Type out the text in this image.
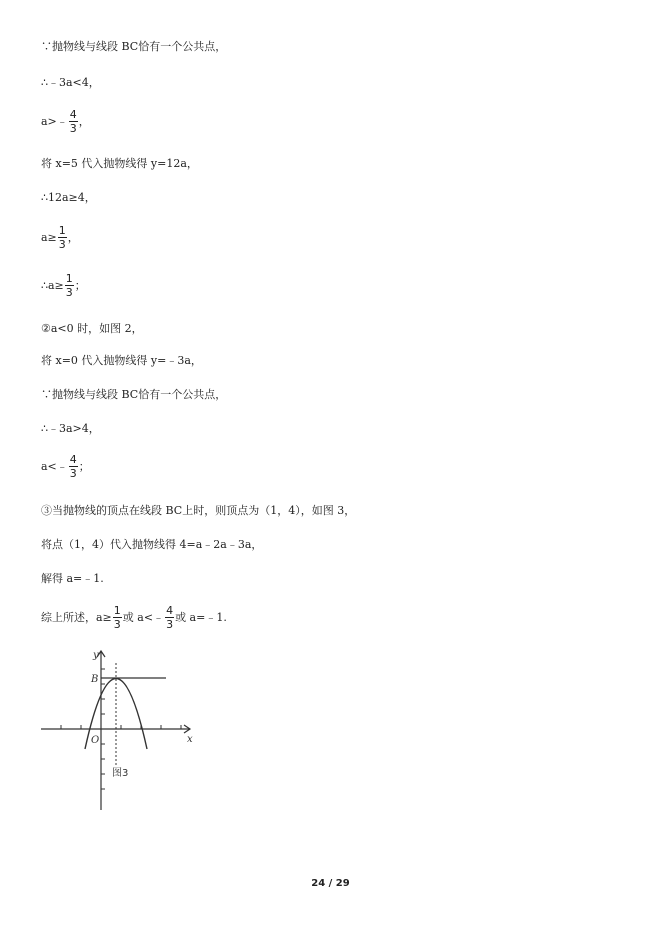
∵抛物线与线段 BC恰有一个公共点，
∴﹣3a<4，
a>﹣ $\frac{4}{3}$ ，
将 x=5 代入抛物线得 y=12a，
∴12a≥4，
$a\ge \frac{1}{3}$ ，
∴a≥ $\frac{1}{3}$ ；
②a<0 时，如图 2，
将 x=0 代入抛物线得 y=﹣3a，
∵抛物线与线段 BC恰有一个公共点，
∴﹣3a>4，
a<﹣ $\frac{4}{3}$ ；
③当抛物线的顶点在线段 BC上时，则顶点为（1，4），如图 3，
将点（1，4）代入抛物线得 4=a﹣2a﹣3a，
解得 a=﹣1.
综上所述，$a\ge \frac{1}{3}$ 或 a<﹣ $\frac{4}{3}$ 或 a=﹣1.
y
x
B
O
图3
24 / 29
